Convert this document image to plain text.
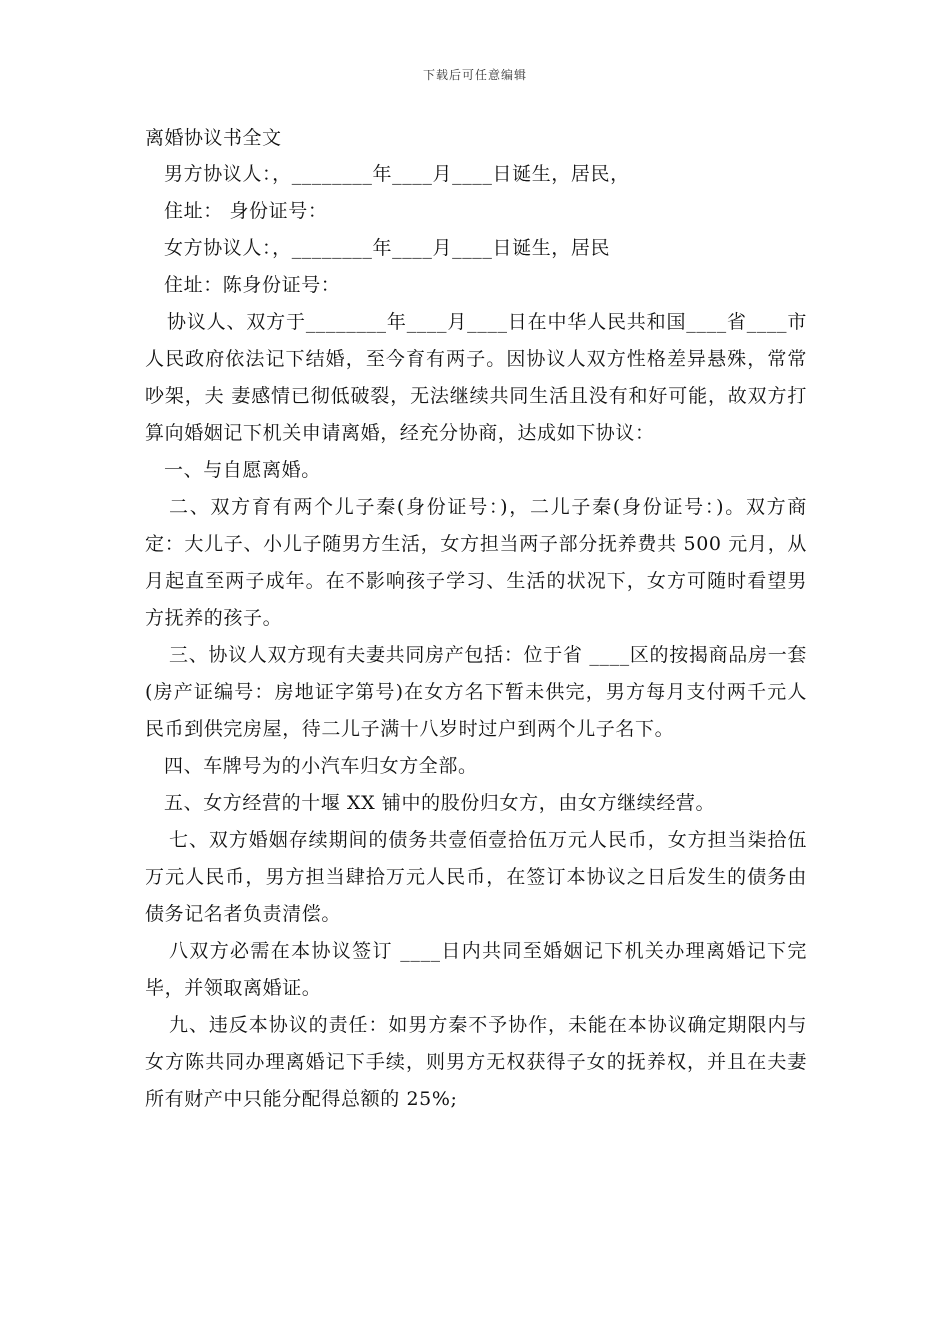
下载后可任意编辑
离婚协议书全文
男方协议人：，________年____月____日诞生，居民，
住址： 身份证号：
女方协议人：，________年____月____日诞生，居民
住址：陈身份证号：

协议人、双方于________年____月____日在中华人民共和国____省____市人民政府依法记下结婚，至今育有两子。因协议人双方性格差异悬殊，常常吵架，夫 妻感情已彻低破裂，无法继续共同生活且没有和好可能，故双方打算向婚姻记下机关申请离婚，经充分协商，达成如下协议：

一、与自愿离婚。

二、双方育有两个儿子秦(身份证号：)，二儿子秦(身份证号：)。双方商定：大儿子、小儿子随男方生活，女方担当两子部分抚养费共 500 元月，从月起直至两子成年。在不影响孩子学习、生活的状况下，女方可随时看望男方抚养的孩子。

三、协议人双方现有夫妻共同房产包括：位于省 ____区的按揭商品房一套(房产证编号：房地证字第号)在女方名下暂未供完，男方每月支付两千元人民币到供完房屋，待二儿子满十八岁时过户到两个儿子名下。

四、车牌号为的小汽车归女方全部。

五、女方经营的十堰 XX 铺中的股份归女方，由女方继续经营。

七、双方婚姻存续期间的债务共壹佰壹拾伍万元人民币，女方担当柒拾伍万元人民币，男方担当肆拾万元人民币，在签订本协议之日后发生的债务由债务记名者负责清偿。

八双方必需在本协议签订 ____日内共同至婚姻记下机关办理离婚记下完毕，并领取离婚证。

九、违反本协议的责任：如男方秦不予协作，未能在本协议确定期限内与女方陈共同办理离婚记下手续，则男方无权获得子女的抚养权，并且在夫妻所有财产中只能分配得总额的 25%;
